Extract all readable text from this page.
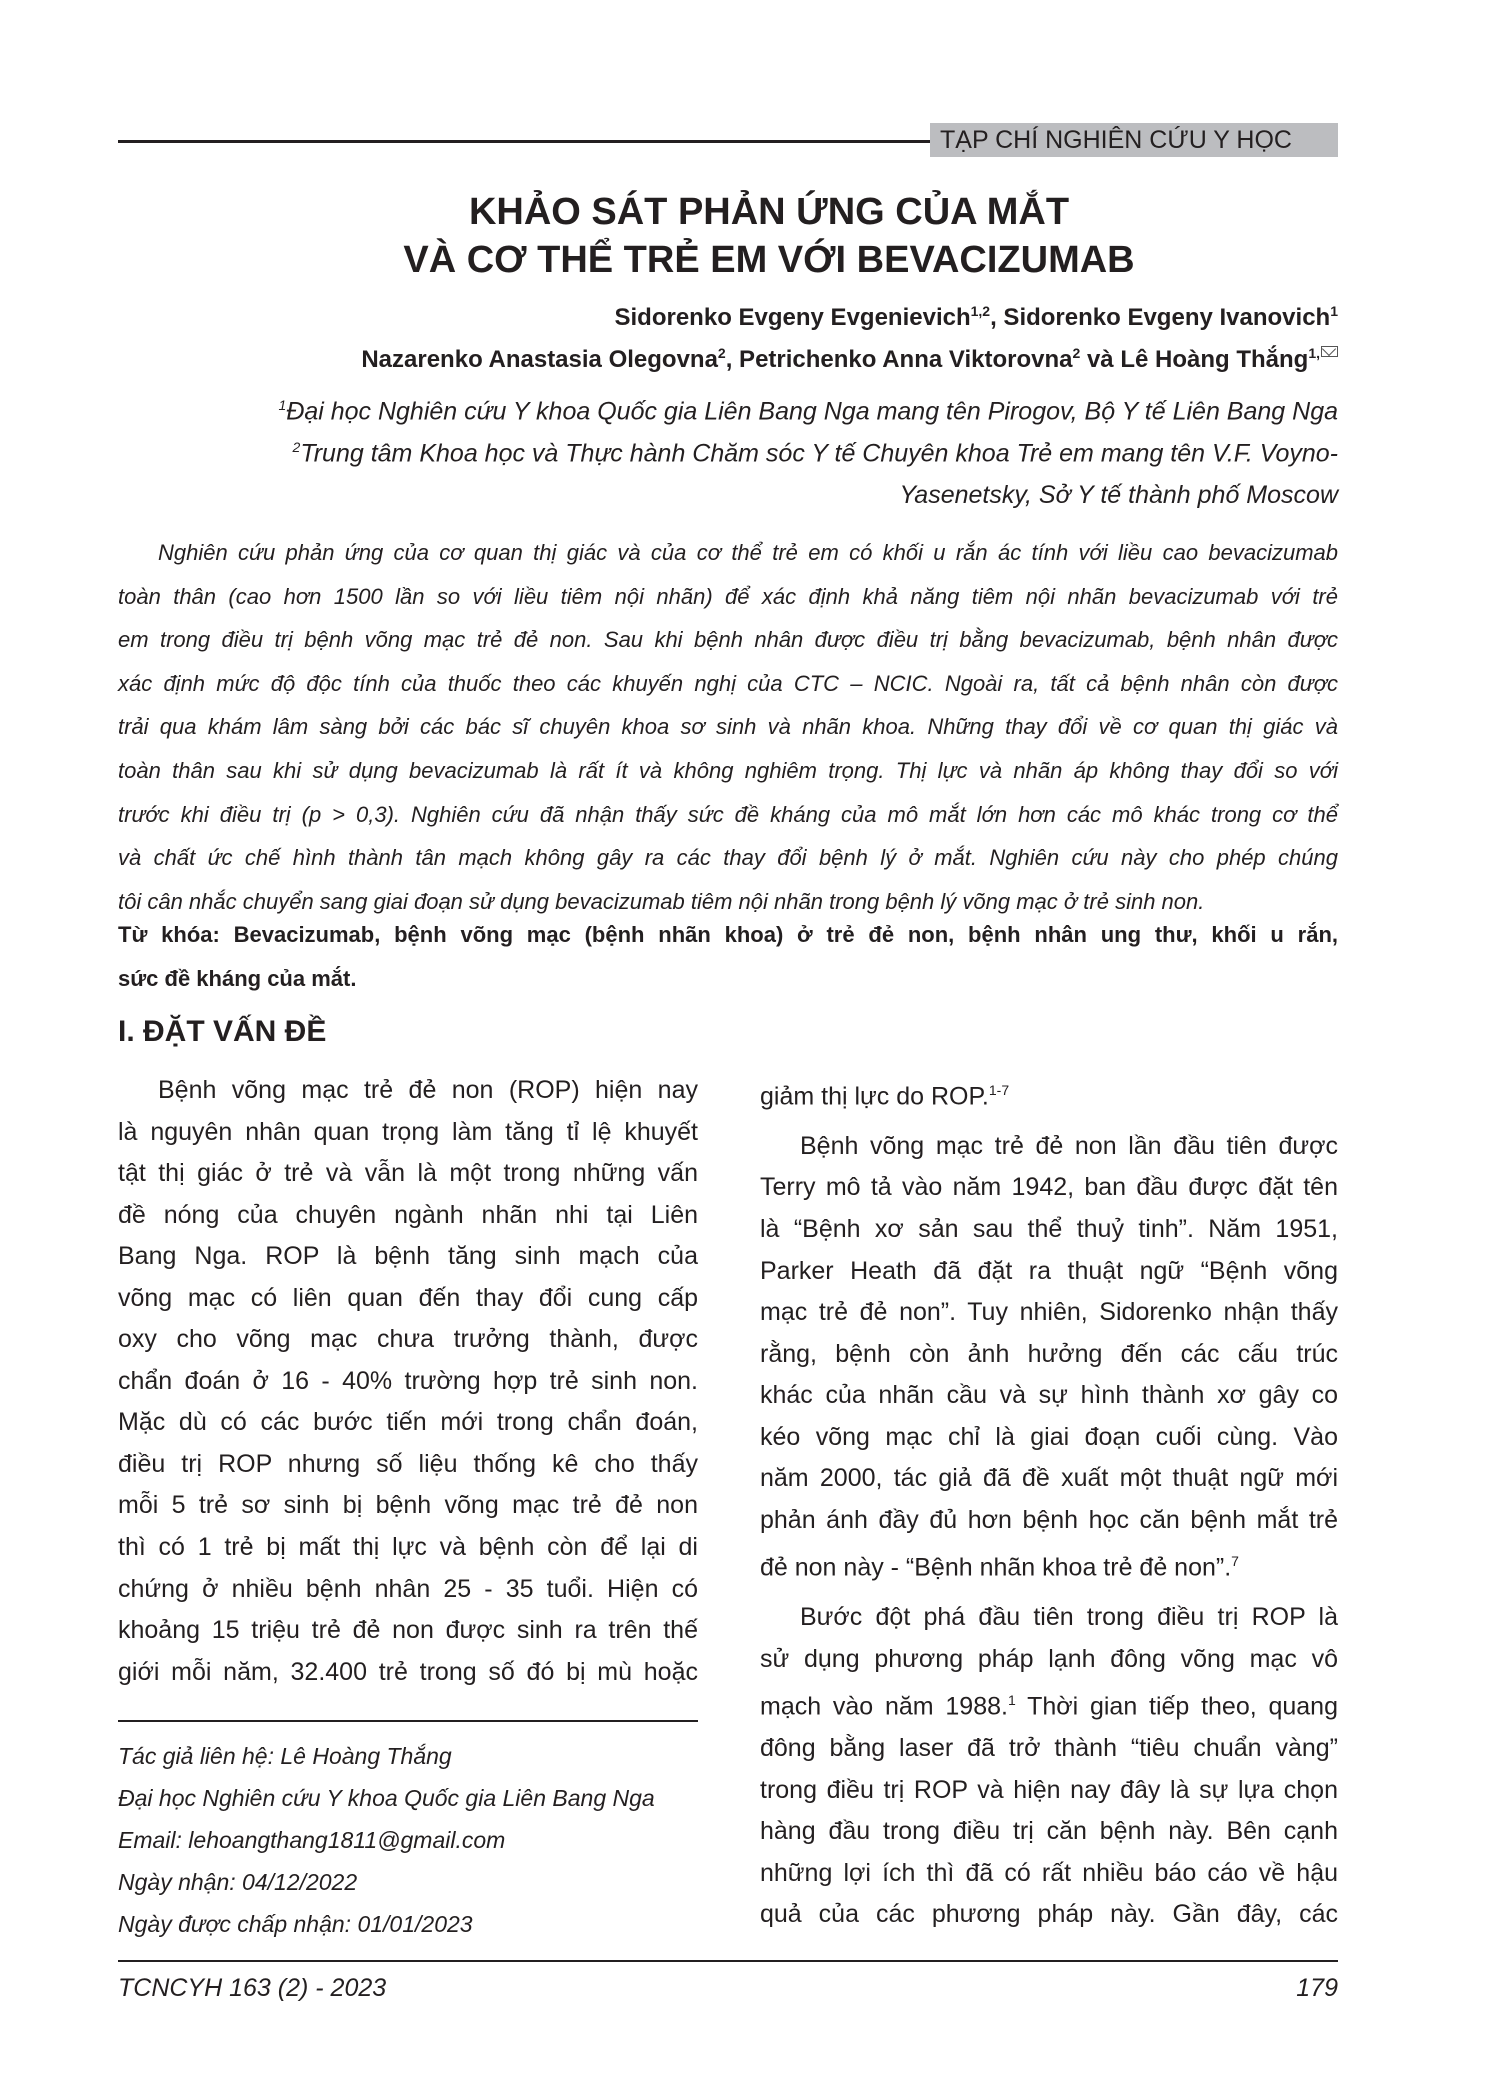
TẠP CHÍ NGHIÊN CỨU Y HỌC
KHẢO SÁT PHẢN ỨNG CỦA MẮT
VÀ CƠ THỂ TRẺ EM VỚI BEVACIZUMAB
Sidorenko Evgeny Evgenievich$^{1,2}$, Sidorenko Evgeny Ivanovich$^1$
Nazarenko Anastasia Olegovna$^2$, Petrichenko Anna Viktorovna$^2$ và Lê Hoàng Thắng$^{1,}$
$^1$Đại học Nghiên cứu Y khoa Quốc gia Liên Bang Nga mang tên Pirogov, Bộ Y tế Liên Bang Nga
$^2$Trung tâm Khoa học và Thực hành Chăm sóc Y tế Chuyên khoa Trẻ em mang tên V.F. Voyno-
Yasenetsky, Sở Y tế thành phố Moscow
Nghiên cứu phản ứng của cơ quan thị giác và của cơ thể trẻ em có khối u rắn ác tính với liều cao bevacizumab
toàn thân (cao hơn 1500 lần so với liều tiêm nội nhãn) để xác định khả năng tiêm nội nhãn bevacizumab với trẻ
em trong điều trị bệnh võng mạc trẻ đẻ non. Sau khi bệnh nhân được điều trị bằng bevacizumab, bệnh nhân được
xác định mức độ độc tính của thuốc theo các khuyến nghị của CTC – NCIC. Ngoài ra, tất cả bệnh nhân còn được
trải qua khám lâm sàng bởi các bác sĩ chuyên khoa sơ sinh và nhãn khoa. Những thay đổi về cơ quan thị giác và
toàn thân sau khi sử dụng bevacizumab là rất ít và không nghiêm trọng. Thị lực và nhãn áp không thay đổi so với
trước khi điều trị (p > 0,3). Nghiên cứu đã nhận thấy sức đề kháng của mô mắt lớn hơn các mô khác trong cơ thể
và chất ức chế hình thành tân mạch không gây ra các thay đổi bệnh lý ở mắt. Nghiên cứu này cho phép chúng
tôi cân nhắc chuyển sang giai đoạn sử dụng bevacizumab tiêm nội nhãn trong bệnh lý võng mạc ở trẻ sinh non.
Từ khóa: Bevacizumab, bệnh võng mạc (bệnh nhãn khoa) ở trẻ đẻ non, bệnh nhân ung thư, khối u rắn,
sức đề kháng của mắt.
I. ĐẶT VẤN ĐỀ
Bệnh võng mạc trẻ đẻ non (ROP) hiện nay
là nguyên nhân quan trọng làm tăng tỉ lệ khuyết
tật thị giác ở trẻ và vẫn là một trong những vấn
đề nóng của chuyên ngành nhãn nhi tại Liên
Bang Nga. ROP là bệnh tăng sinh mạch của
võng mạc có liên quan đến thay đổi cung cấp
oxy cho võng mạc chưa trưởng thành, được
chẩn đoán ở 16 - 40% trường hợp trẻ sinh non.
Mặc dù có các bước tiến mới trong chẩn đoán,
điều trị ROP nhưng số liệu thống kê cho thấy
mỗi 5 trẻ sơ sinh bị bệnh võng mạc trẻ đẻ non
thì có 1 trẻ bị mất thị lực và bệnh còn để lại di
chứng ở nhiều bệnh nhân 25 - 35 tuổi. Hiện có
khoảng 15 triệu trẻ đẻ non được sinh ra trên thế
giới mỗi năm, 32.400 trẻ trong số đó bị mù hoặc
giảm thị lực do ROP.$^{1-7}$
Bệnh võng mạc trẻ đẻ non lần đầu tiên được
Terry mô tả vào năm 1942, ban đầu được đặt tên
là “Bệnh xơ sản sau thể thuỷ tinh”. Năm 1951,
Parker Heath đã đặt ra thuật ngữ “Bệnh võng
mạc trẻ đẻ non”. Tuy nhiên, Sidorenko nhận thấy
rằng, bệnh còn ảnh hưởng đến các cấu trúc
khác của nhãn cầu và sự hình thành xơ gây co
kéo võng mạc chỉ là giai đoạn cuối cùng. Vào
năm 2000, tác giả đã đề xuất một thuật ngữ mới
phản ánh đầy đủ hơn bệnh học căn bệnh mắt trẻ
đẻ non này - “Bệnh nhãn khoa trẻ đẻ non”.$^7$
Bước đột phá đầu tiên trong điều trị ROP là
sử dụng phương pháp lạnh đông võng mạc vô
mạch vào năm 1988.$^1$ Thời gian tiếp theo, quang
đông bằng laser đã trở thành “tiêu chuẩn vàng”
trong điều trị ROP và hiện nay đây là sự lựa chọn
hàng đầu trong điều trị căn bệnh này. Bên cạnh
những lợi ích thì đã có rất nhiều báo cáo về hậu
quả của các phương pháp này. Gần đây, các
Tác giả liên hệ: Lê Hoàng Thắng
Đại học Nghiên cứu Y khoa Quốc gia Liên Bang Nga
Email: lehoangthang1811@gmail.com
Ngày nhận: 04/12/2022
Ngày được chấp nhận: 01/01/2023
TCNCYH 163 (2) - 2023	179
